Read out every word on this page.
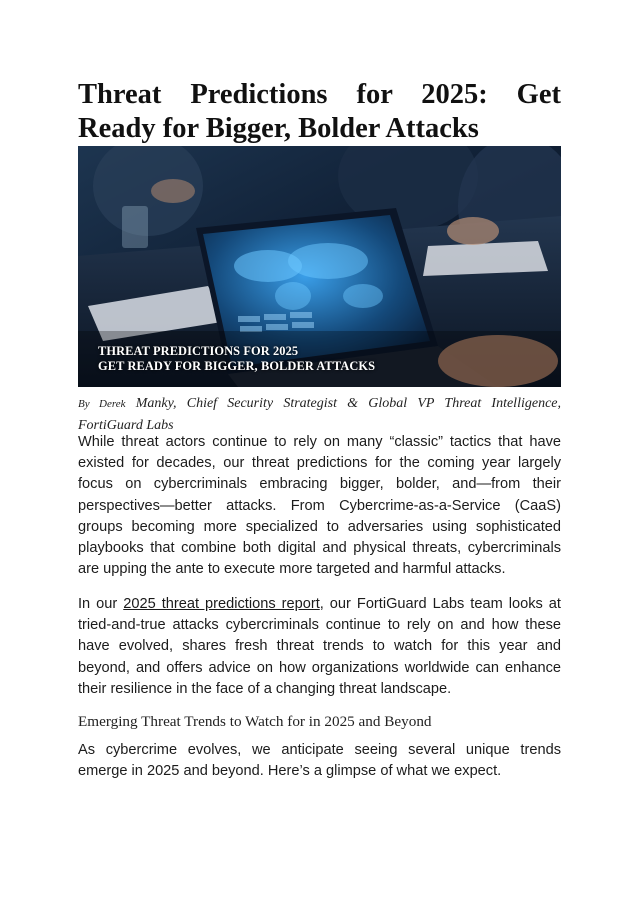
Threat Predictions for 2025: Get
Ready for Bigger, Bolder Attacks
THREAT PREDICTIONS FOR 2025
GET READY FOR BIGGER, BOLDER ATTACKS
By Derek Manky, Chief Security Strategist & Global VP Threat Intelligence,
FortiGuard Labs

While threat actors continue to rely on many “classic” tactics that have existed for decades, our threat predictions for the coming year largely focus on cybercriminals embracing bigger, bolder, and—from their perspectives—better attacks. From Cybercrime-as-a-Service (CaaS) groups becoming more specialized to adversaries using sophisticated playbooks that combine both digital and physical threats, cybercriminals are upping the ante to execute more targeted and harmful attacks.

In our 2025 threat predictions report, our FortiGuard Labs team looks at tried-and-true attacks cybercriminals continue to rely on and how these have evolved, shares fresh threat trends to watch for this year and beyond, and offers advice on how organizations worldwide can enhance their resilience in the face of a changing threat landscape.

Emerging Threat Trends to Watch for in 2025 and Beyond

As cybercrime evolves, we anticipate seeing several unique trends emerge in 2025 and beyond. Here’s a glimpse of what we expect.
